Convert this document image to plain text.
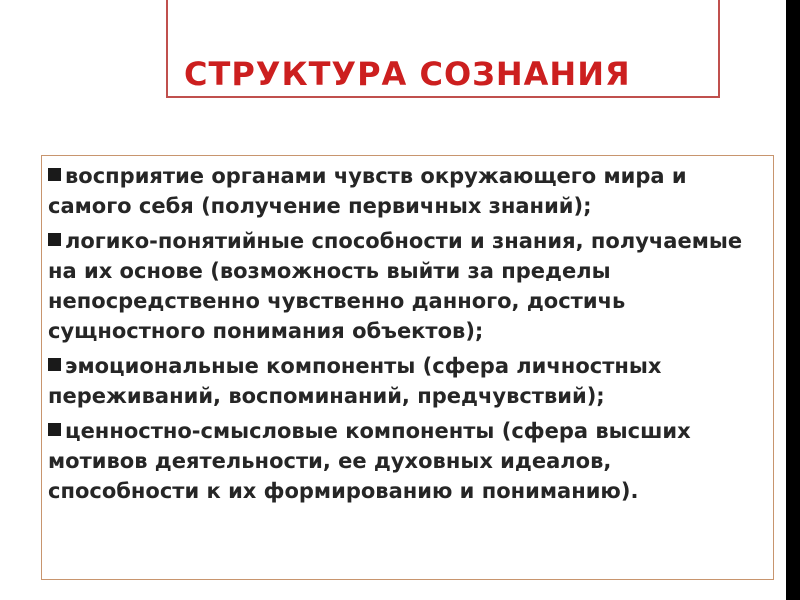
СТРУКТУРА СОЗНАНИЯ
восприятие органами чувств окружающего мира и самого себя (получение первичных знаний);
логико-понятийные способности и знания, получаемые на их основе (возможность выйти за пределы непосредственно чувственно данного, достичь сущностного понимания объектов);
эмоциональные компоненты (сфера личностных переживаний, воспоминаний, предчувствий);
ценностно-смысловые компоненты (сфера высших мотивов деятельности, ее духовных идеалов, способности к их формированию и пониманию).
